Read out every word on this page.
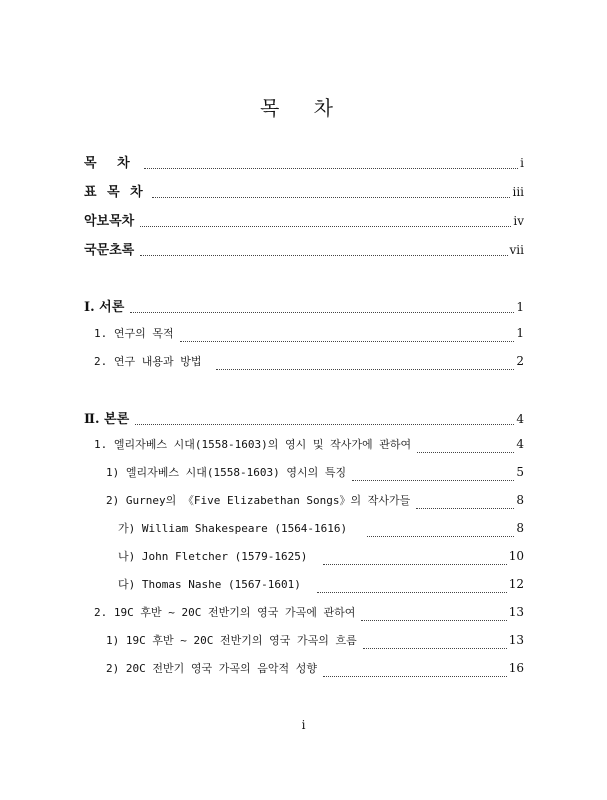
목 차
목 차	i
표 목 차	iii
악보목차	iv
국문초록	vii
Ⅰ. 서론	1
1. 연구의 목적	1
2. 연구 내용과 방법	2
Ⅱ. 본론	4
1. 엘리자베스 시대(1558-1603)의 영시 및 작사가에 관하여	4
1) 엘리자베스 시대(1558-1603) 영시의 특징	5
2) Gurney의 《Five Elizabethan Songs》의 작사가들	8
가) William Shakespeare (1564-1616)	8
나) John Fletcher (1579-1625)	10
다) Thomas Nashe (1567-1601)	12
2. 19C 후반 ~ 20C 전반기의 영국 가곡에 관하여	13
1) 19C 후반 ~ 20C 전반기의 영국 가곡의 흐름	13
2) 20C 전반기 영국 가곡의 음악적 성향	16
i
